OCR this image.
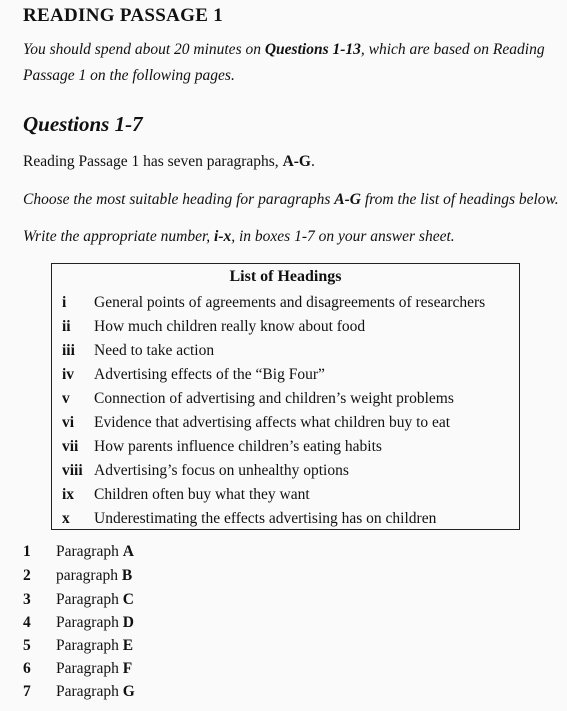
READING PASSAGE 1
You should spend about 20 minutes on Questions 1-13, which are based on Reading Passage 1 on the following pages.
Questions 1-7
Reading Passage 1 has seven paragraphs, A-G.
Choose the most suitable heading for paragraphs A-G from the list of headings below.
Write the appropriate number, i-x, in boxes 1-7 on your answer sheet.
List of Headings
i General points of agreements and disagreements of researchers
ii How much children really know about food
iii Need to take action
iv Advertising effects of the “Big Four”
v Connection of advertising and children’s weight problems
vi Evidence that advertising affects what children buy to eat
vii How parents influence children’s eating habits
viii Advertising’s focus on unhealthy options
ix Children often buy what they want
x Underestimating the effects advertising has on children
1 Paragraph A
2 paragraph B
3 Paragraph C
4 Paragraph D
5 Paragraph E
6 Paragraph F
7 Paragraph G
